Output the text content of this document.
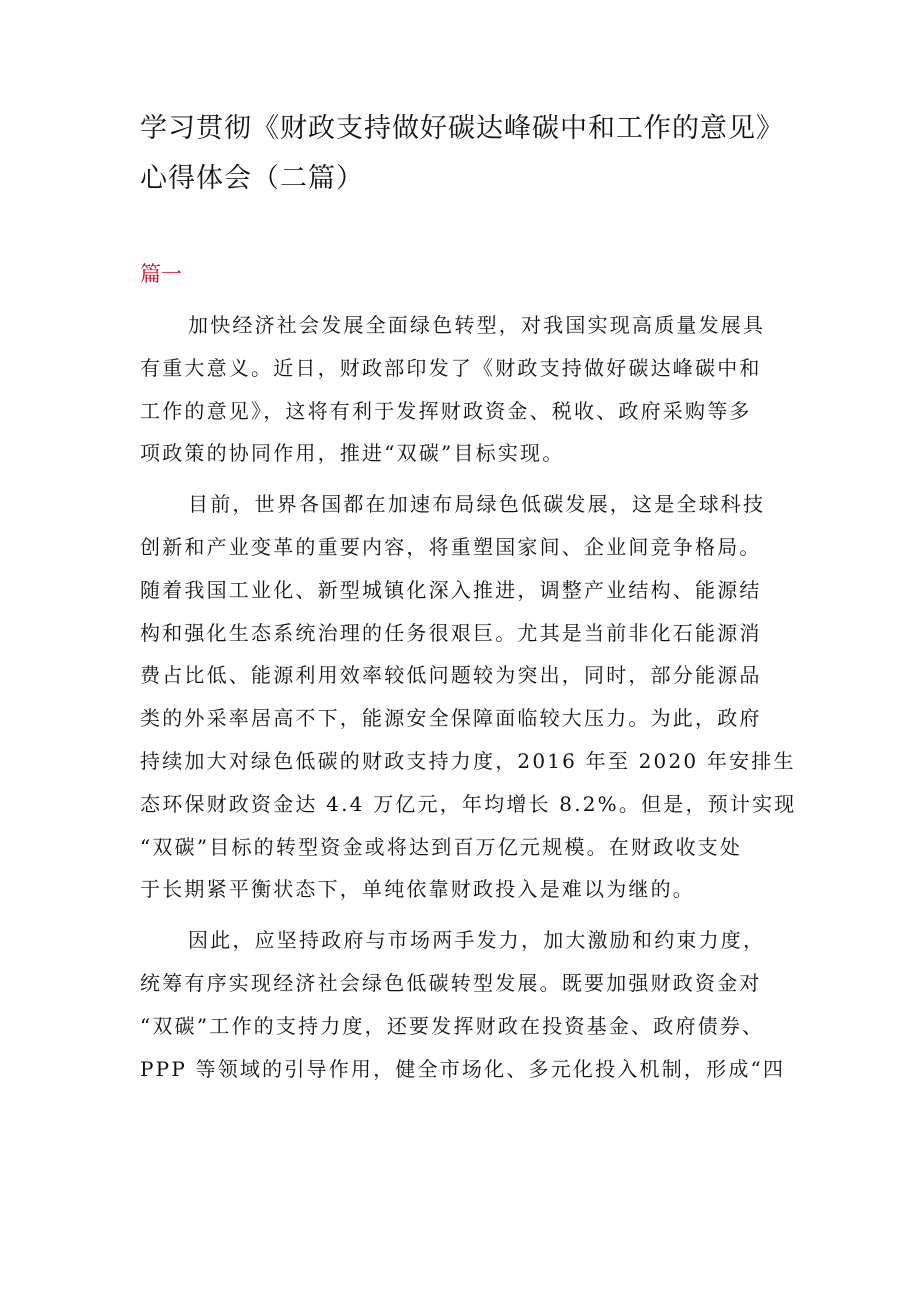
学习贯彻《财政支持做好碳达峰碳中和工作的意见》
心得体会（二篇）
篇一
加快经济社会发展全面绿色转型，对我国实现高质量发展具
有重大意义。近日，财政部印发了《财政支持做好碳达峰碳中和
工作的意见》，这将有利于发挥财政资金、税收、政府采购等多
项政策的协同作用，推进“双碳”目标实现。
目前，世界各国都在加速布局绿色低碳发展，这是全球科技
创新和产业变革的重要内容，将重塑国家间、企业间竞争格局。
随着我国工业化、新型城镇化深入推进，调整产业结构、能源结
构和强化生态系统治理的任务很艰巨。尤其是当前非化石能源消
费占比低、能源利用效率较低问题较为突出，同时，部分能源品
类的外采率居高不下，能源安全保障面临较大压力。为此，政府
持续加大对绿色低碳的财政支持力度，2016 年至 2020 年安排生
态环保财政资金达 4.4 万亿元，年均增长 8.2%。但是，预计实现
“双碳”目标的转型资金或将达到百万亿元规模。在财政收支处
于长期紧平衡状态下，单纯依靠财政投入是难以为继的。
因此，应坚持政府与市场两手发力，加大激励和约束力度，
统筹有序实现经济社会绿色低碳转型发展。既要加强财政资金对
“双碳”工作的支持力度，还要发挥财政在投资基金、政府债券、
PPP 等领域的引导作用，健全市场化、多元化投入机制，形成“四
